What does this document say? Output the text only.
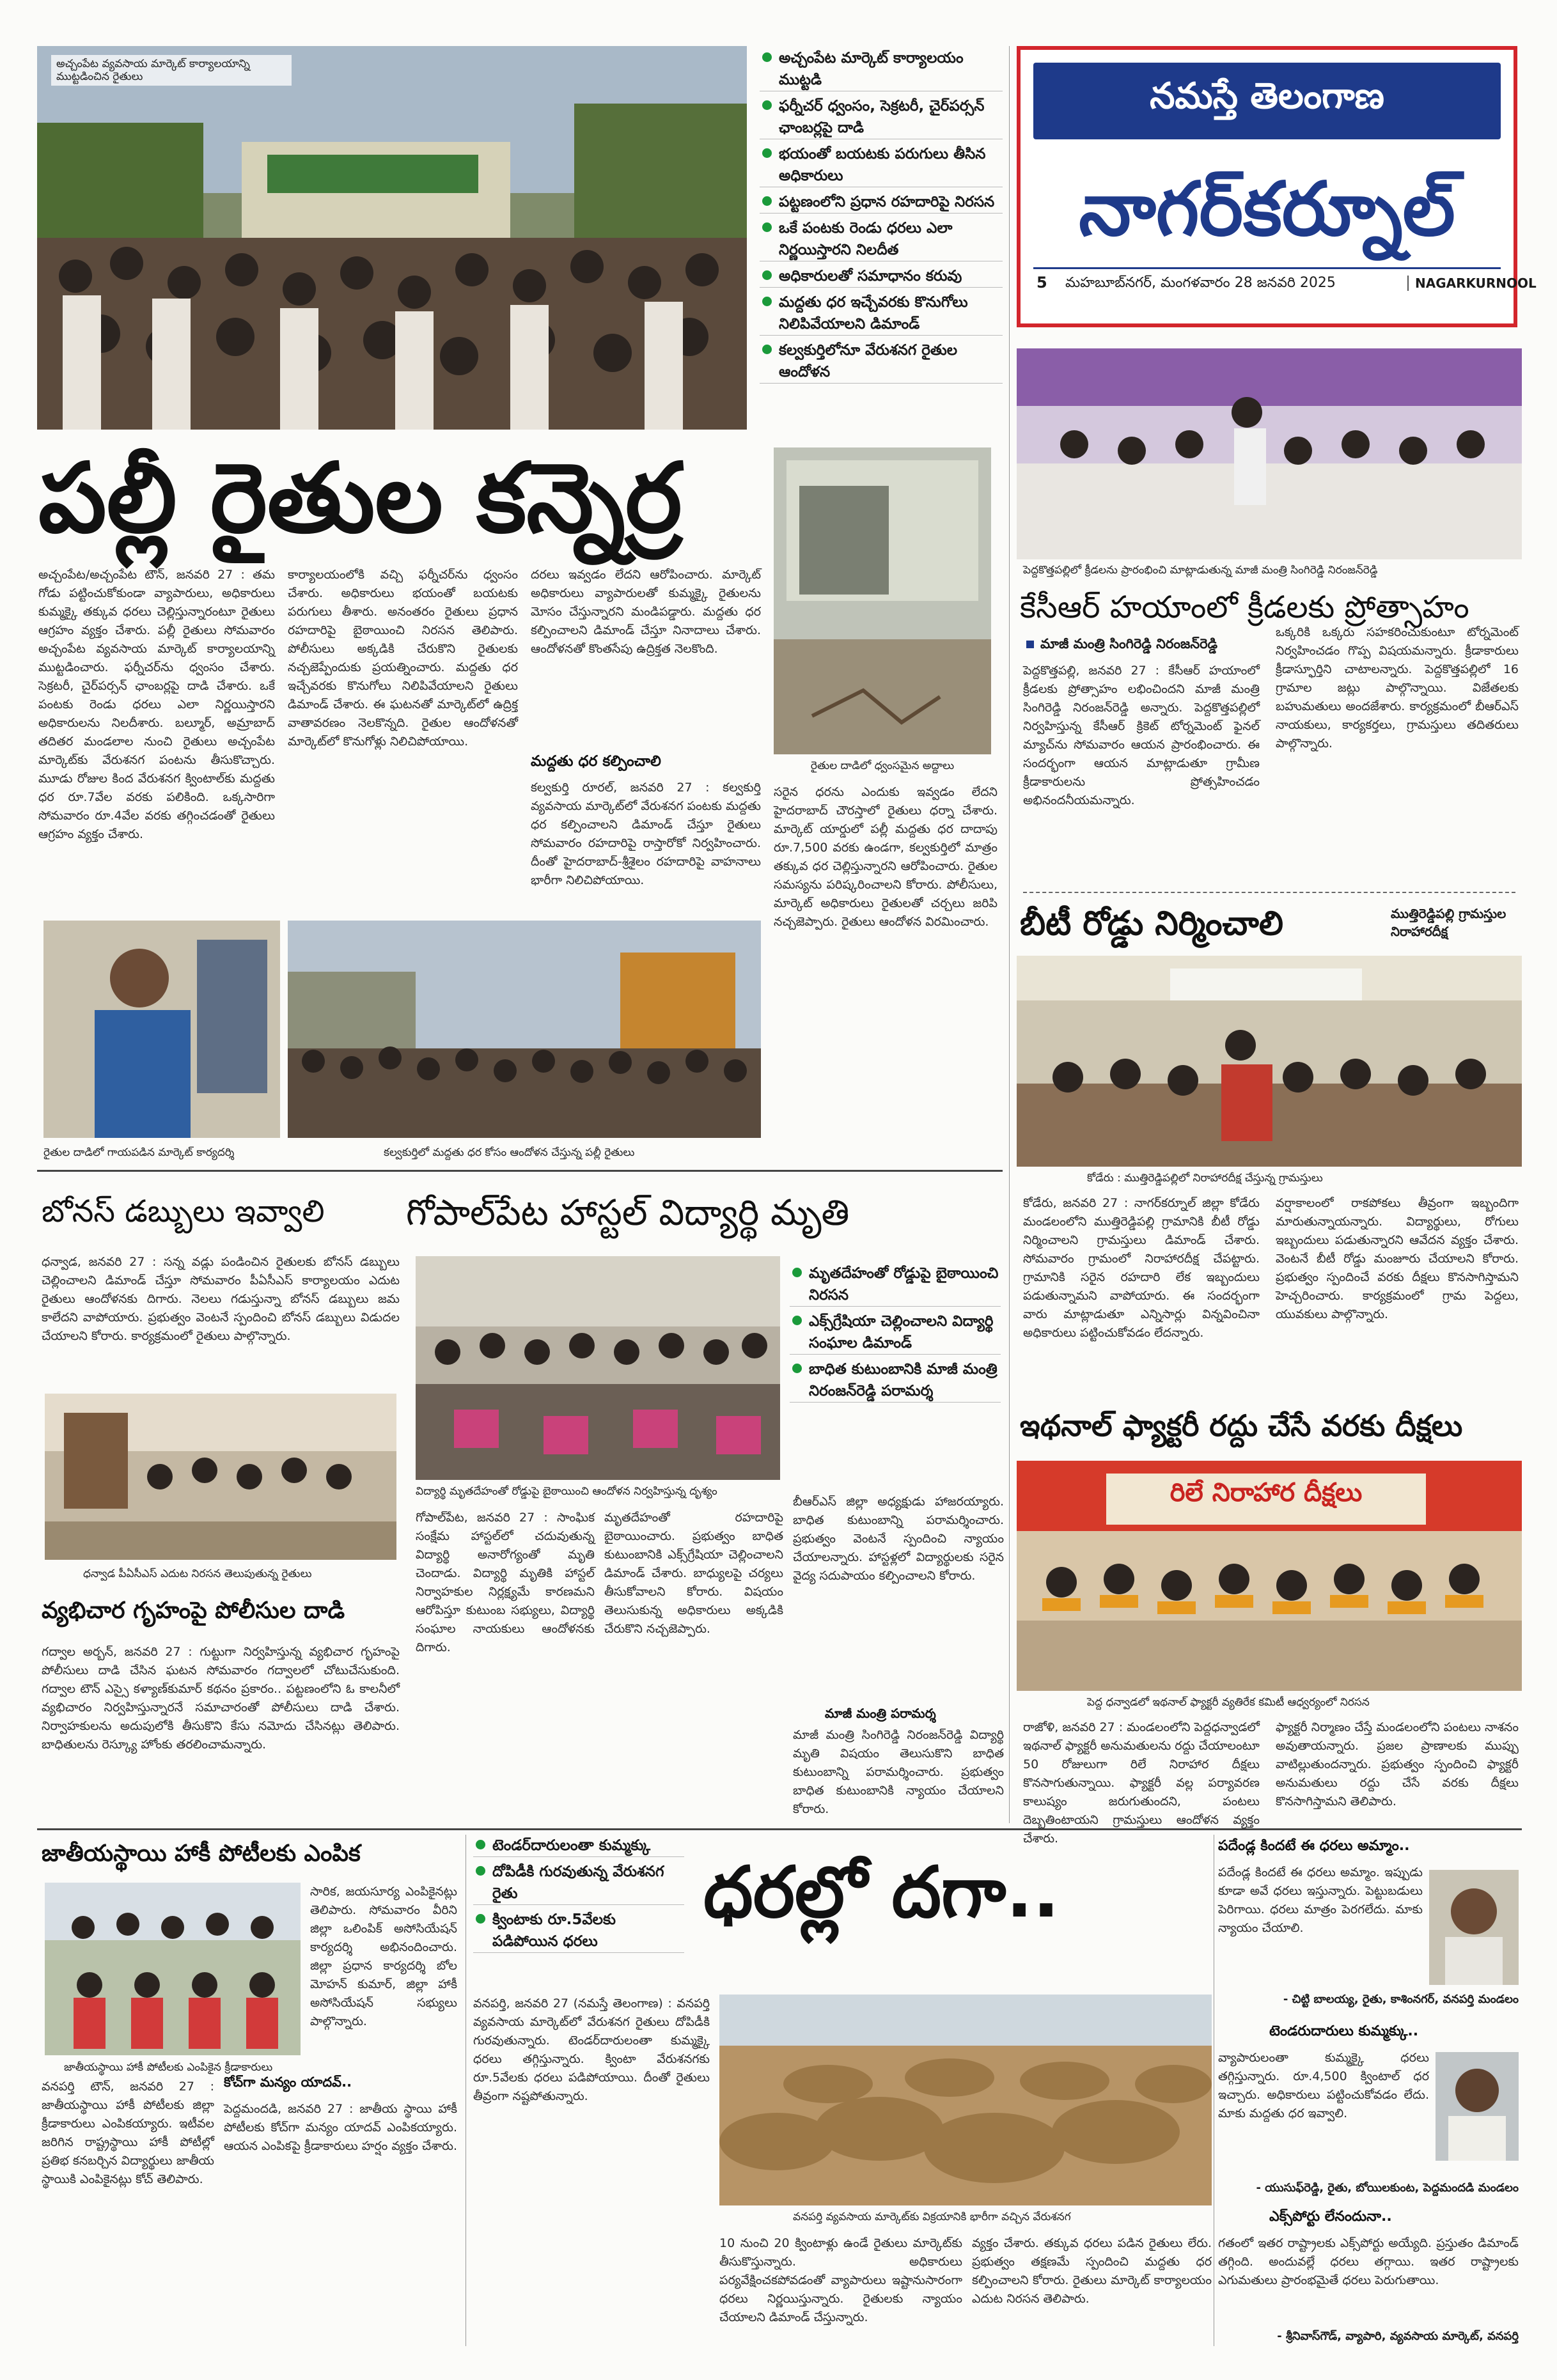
నమస్తే తెలంగాణ
నాగర్‌కర్నూల్
5 మహబూబ్‌నగర్, మంగళవారం 28 జనవరి 2025	NAGARKURNOOL
అచ్చంపేట వ్యవసాయ మార్కెట్ కార్యాలయాన్ని ముట్టడించిన రైతులు
అచ్చంపేట మార్కెట్ కార్యాలయం ముట్టడి
ఫర్నీచర్ ధ్వంసం, సెక్రటరీ, చైర్‌పర్సన్ ఛాంబర్లపై దాడి
భయంతో బయటకు పరుగులు తీసిన అధికారులు
పట్టణంలోని ప్రధాన రహదారిపై నిరసన
ఒకే పంటకు రెండు ధరలు ఎలా నిర్ణయిస్తారని నిలదీత
అధికారులతో సమాధానం కరువు
మద్దతు ధర ఇచ్చేవరకు కొనుగోలు నిలిపివేయాలని డిమాండ్
కల్వకుర్తిలోనూ వేరుశనగ రైతుల ఆందోళన
రైతుల దాడిలో ధ్వంసమైన అద్దాలు
పల్లీ రైతుల కన్నెర్ర
అచ్చంపేట/అచ్చంపేట టౌన్, జనవరి 27 : తమ గోడు పట్టించుకోకుండా వ్యాపారులు, అధికారులు కుమ్మక్కై తక్కువ ధరలు చెల్లిస్తున్నారంటూ రైతులు ఆగ్రహం వ్యక్తం చేశారు. పల్లీ రైతులు సోమవారం అచ్చంపేట వ్యవసాయ మార్కెట్ కార్యాలయాన్ని ముట్టడించారు. ఫర్నీచర్‌ను ధ్వంసం చేశారు. సెక్రటరీ, చైర్‌పర్సన్ ఛాంబర్లపై దాడి చేశారు. ఒకే పంటకు రెండు ధరలు ఎలా నిర్ణయిస్తారని అధికారులను నిలదీశారు. బల్మూర్, అమ్రాబాద్ తదితర మండలాల నుంచి రైతులు అచ్చంపేట మార్కెట్‌కు వేరుశనగ పంటను తీసుకొచ్చారు. మూడు రోజుల కింద వేరుశనగ క్వింటాల్‌కు మద్దతు ధర రూ.7వేల వరకు పలికింది. ఒక్కసారిగా సోమవారం రూ.4వేల వరకు తగ్గించడంతో రైతులు ఆగ్రహం వ్యక్తం చేశారు.
కార్యాలయంలోకి వచ్చి ఫర్నీచర్‌ను ధ్వంసం చేశారు. అధికారులు భయంతో బయటకు పరుగులు తీశారు. అనంతరం రైతులు ప్రధాన రహదారిపై బైఠాయించి నిరసన తెలిపారు. పోలీసులు అక్కడికి చేరుకొని రైతులకు నచ్చజెప్పేందుకు ప్రయత్నించారు. మద్దతు ధర ఇచ్చేవరకు కొనుగోలు నిలిపివేయాలని రైతులు డిమాండ్ చేశారు. ఈ ఘటనతో మార్కెట్‌లో ఉద్రిక్త వాతావరణం నెలకొన్నది. రైతుల ఆందోళనతో మార్కెట్‌లో కొనుగోళ్లు నిలిచిపోయాయి.
దరలు ఇవ్వడం లేదని ఆరోపించారు. మార్కెట్ అధికారులు వ్యాపారులతో కుమ్మక్కై రైతులను మోసం చేస్తున్నారని మండిపడ్డారు. మద్దతు ధర కల్పించాలని డిమాండ్ చేస్తూ నినాదాలు చేశారు. ఆందోళనతో కొంతసేపు ఉద్రిక్తత నెలకొంది.
మద్దతు ధర కల్పించాలి
కల్వకుర్తి రూరల్, జనవరి 27 : కల్వకుర్తి వ్యవసాయ మార్కెట్‌లో వేరుశనగ పంటకు మద్దతు ధర కల్పించాలని డిమాండ్ చేస్తూ రైతులు సోమవారం రహదారిపై రాస్తారోకో నిర్వహించారు. దీంతో హైదరాబాద్-శ్రీశైలం రహదారిపై వాహనాలు భారీగా నిలిచిపోయాయి.
సరైన ధరను ఎందుకు ఇవ్వడం లేదని హైదరాబాద్ చౌరస్తాలో రైతులు ధర్నా చేశారు. మార్కెట్ యార్డులో పల్లీ మద్దతు ధర దాదాపు రూ.7,500 వరకు ఉండగా, కల్వకుర్తిలో మాత్రం తక్కువ ధర చెల్లిస్తున్నారని ఆరోపించారు. రైతుల సమస్యను పరిష్కరించాలని కోరారు. పోలీసులు, మార్కెట్ అధికారులు రైతులతో చర్చలు జరిపి నచ్చజెప్పారు. రైతులు ఆందోళన విరమించారు.
రైతుల దాడిలో గాయపడిన మార్కెట్ కార్యదర్శి	కల్వకుర్తిలో మద్దతు ధర కోసం ఆందోళన చేస్తున్న పల్లీ రైతులు
పెద్దకొత్తపల్లిలో క్రీడలను ప్రారంభించి మాట్లాడుతున్న మాజీ మంత్రి సింగిరెడ్డి నిరంజన్‌రెడ్డి
కేసీఆర్ హయాంలో క్రీడలకు ప్రోత్సాహం
మాజీ మంత్రి సింగిరెడ్డి నిరంజన్‌రెడ్డి
పెద్దకొత్తపల్లి, జనవరి 27 : కేసీఆర్ హయాంలో క్రీడలకు ప్రోత్సాహం లభించిందని మాజీ మంత్రి సింగిరెడ్డి నిరంజన్‌రెడ్డి అన్నారు. పెద్దకొత్తపల్లిలో నిర్వహిస్తున్న కేసీఆర్ క్రికెట్ టోర్నమెంట్ ఫైనల్ మ్యాచ్‌ను సోమవారం ఆయన ప్రారంభించారు. ఈ సందర్భంగా ఆయన మాట్లాడుతూ గ్రామీణ క్రీడాకారులను ప్రోత్సహించడం అభినందనీయమన్నారు.
ఒక్కరికి ఒక్కరు సహకరించుకుంటూ టోర్నమెంట్ నిర్వహించడం గొప్ప విషయమన్నారు. క్రీడాకారులు క్రీడాస్ఫూర్తిని చాటాలన్నారు. పెద్దకొత్తపల్లిలో 16 గ్రామాల జట్లు పాల్గొన్నాయి. విజేతలకు బహుమతులు అందజేశారు. కార్యక్రమంలో బీఆర్‌ఎస్ నాయకులు, కార్యకర్తలు, గ్రామస్తులు తదితరులు పాల్గొన్నారు.
బీటీ రోడ్డు నిర్మించాలి	ముత్తిరెడ్డిపల్లి గ్రామస్తుల నిరాహారదీక్ష
కోడేరు : ముత్తిరెడ్డిపల్లిలో నిరాహారదీక్ష చేస్తున్న గ్రామస్తులు
కోడేరు, జనవరి 27 : నాగర్‌కర్నూల్ జిల్లా కోడేరు మండలంలోని ముత్తిరెడ్డిపల్లి గ్రామానికి బీటీ రోడ్డు నిర్మించాలని గ్రామస్తులు డిమాండ్ చేశారు. సోమవారం గ్రామంలో నిరాహారదీక్ష చేపట్టారు. గ్రామానికి సరైన రహదారి లేక ఇబ్బందులు పడుతున్నామని వాపోయారు. ఈ సందర్భంగా వారు మాట్లాడుతూ ఎన్నిసార్లు విన్నవించినా అధికారులు పట్టించుకోవడం లేదన్నారు.
వర్షాకాలంలో రాకపోకలు తీవ్రంగా ఇబ్బందిగా మారుతున్నాయన్నారు. విద్యార్థులు, రోగులు ఇబ్బందులు పడుతున్నారని ఆవేదన వ్యక్తం చేశారు. వెంటనే బీటీ రోడ్డు మంజూరు చేయాలని కోరారు. ప్రభుత్వం స్పందించే వరకు దీక్షలు కొనసాగిస్తామని హెచ్చరించారు. కార్యక్రమంలో గ్రామ పెద్దలు, యువకులు పాల్గొన్నారు.
ఇథనాల్ ఫ్యాక్టరీ రద్దు చేసే వరకు దీక్షలు
రిలే నిరాహార దీక్షలు
పెద్ద ధన్వాడలో ఇథనాల్ ఫ్యాక్టరీ వ్యతిరేక కమిటీ ఆధ్వర్యంలో నిరసన
రాజోళి, జనవరి 27 : మండలంలోని పెద్దధన్వాడలో ఇథనాల్ ఫ్యాక్టరీ అనుమతులను రద్దు చేయాలంటూ 50 రోజులుగా రిలే నిరాహార దీక్షలు కొనసాగుతున్నాయి. ఫ్యాక్టరీ వల్ల పర్యావరణ కాలుష్యం జరుగుతుందని, పంటలు దెబ్బతింటాయని గ్రామస్తులు ఆందోళన వ్యక్తం చేశారు.
ఫ్యాక్టరీ నిర్మాణం చేస్తే మండలంలోని పంటలు నాశనం అవుతాయన్నారు. ప్రజల ప్రాణాలకు ముప్పు వాటిల్లుతుందన్నారు. ప్రభుత్వం స్పందించి ఫ్యాక్టరీ అనుమతులు రద్దు చేసే వరకు దీక్షలు కొనసాగిస్తామని తెలిపారు.
బోనస్ డబ్బులు ఇవ్వాలి
ధన్వాడ, జనవరి 27 : సన్న వడ్లు పండించిన రైతులకు బోనస్ డబ్బులు చెల్లించాలని డిమాండ్ చేస్తూ సోమవారం పీఏసీఎస్ కార్యాలయం ఎదుట రైతులు ఆందోళనకు దిగారు. నెలలు గడుస్తున్నా బోనస్ డబ్బులు జమ కాలేదని వాపోయారు. ప్రభుత్వం వెంటనే స్పందించి బోనస్ డబ్బులు విడుదల చేయాలని కోరారు. కార్యక్రమంలో రైతులు పాల్గొన్నారు.
ధన్వాడ పీఏసీఎస్ ఎదుట నిరసన తెలుపుతున్న రైతులు
వ్యభిచార గృహంపై పోలీసుల దాడి
గద్వాల అర్బన్, జనవరి 27 : గుట్టుగా నిర్వహిస్తున్న వ్యభిచార గృహంపై పోలీసులు దాడి చేసిన ఘటన సోమవారం గద్వాలలో చోటుచేసుకుంది. గద్వాల టౌన్ ఎస్సై కళ్యాణ్‌కుమార్ కథనం ప్రకారం.. పట్టణంలోని ఓ కాలనీలో వ్యభిచారం నిర్వహిస్తున్నారనే సమాచారంతో పోలీసులు దాడి చేశారు. నిర్వాహకులను అదుపులోకి తీసుకొని కేసు నమోదు చేసినట్లు తెలిపారు. బాధితులను రెస్క్యూ హోంకు తరలించామన్నారు.
గోపాల్‌పేట హాస్టల్ విద్యార్థి మృతి
మృతదేహంతో రోడ్డుపై బైఠాయించి నిరసన
ఎక్స్‌గ్రేషియా చెల్లించాలని విద్యార్థి సంఘాల డిమాండ్
బాధిత కుటుంబానికి మాజీ మంత్రి నిరంజన్‌రెడ్డి పరామర్శ
విద్యార్థి మృతదేహంతో రోడ్డుపై బైఠాయించి ఆందోళన నిర్వహిస్తున్న దృశ్యం
గోపాల్‌పేట, జనవరి 27 : సాంఘిక సంక్షేమ హాస్టల్‌లో చదువుతున్న విద్యార్థి అనారోగ్యంతో మృతి చెందాడు. విద్యార్థి మృతికి హాస్టల్ నిర్వాహకుల నిర్లక్ష్యమే కారణమని ఆరోపిస్తూ కుటుంబ సభ్యులు, విద్యార్థి సంఘాల నాయకులు ఆందోళనకు దిగారు.
మృతదేహంతో రహదారిపై బైఠాయించారు. ప్రభుత్వం బాధిత కుటుంబానికి ఎక్స్‌గ్రేషియా చెల్లించాలని డిమాండ్ చేశారు. బాధ్యులపై చర్యలు తీసుకోవాలని కోరారు. విషయం తెలుసుకున్న అధికారులు అక్కడికి చేరుకొని నచ్చజెప్పారు.
బీఆర్‌ఎస్ జిల్లా అధ్యక్షుడు హాజరయ్యారు. బాధిత కుటుంబాన్ని పరామర్శించారు. ప్రభుత్వం వెంటనే స్పందించి న్యాయం చేయాలన్నారు. హాస్టళ్లలో విద్యార్థులకు సరైన వైద్య సదుపాయం కల్పించాలని కోరారు.
మాజీ మంత్రి పరామర్శ
మాజీ మంత్రి సింగిరెడ్డి నిరంజన్‌రెడ్డి విద్యార్థి మృతి విషయం తెలుసుకొని బాధిత కుటుంబాన్ని పరామర్శించారు. ప్రభుత్వం బాధిత కుటుంబానికి న్యాయం చేయాలని కోరారు.
జాతీయస్థాయి హాకీ పోటీలకు ఎంపిక
జాతీయస్థాయి హాకీ పోటీలకు ఎంపికైన క్రీడాకారులు
సారిక, జయసూర్య ఎంపికైనట్లు తెలిపారు. సోమవారం వీరిని జిల్లా ఒలింపిక్ అసోసియేషన్ కార్యదర్శి అభినందించారు. జిల్లా ప్రధాన కార్యదర్శి బోల మోహన్ కుమార్, జిల్లా హాకీ అసోసియేషన్ సభ్యులు పాల్గొన్నారు.
వనపర్తి టౌన్, జనవరి 27 : జాతీయస్థాయి హాకీ పోటీలకు జిల్లా క్రీడాకారులు ఎంపికయ్యారు. ఇటీవల జరిగిన రాష్ట్రస్థాయి హాకీ పోటీల్లో ప్రతిభ కనబర్చిన విద్యార్థులు జాతీయ స్థాయికి ఎంపికైనట్లు కోచ్ తెలిపారు.
కోచ్‌గా మన్యం యాదవ్‌..
పెద్దమందడి, జనవరి 27 : జాతీయ స్థాయి హాకీ పోటీలకు కోచ్‌గా మన్యం యాదవ్ ఎంపికయ్యారు. ఆయన ఎంపికపై క్రీడాకారులు హర్షం వ్యక్తం చేశారు.
టెండర్‌దారులంతా కుమ్మక్కు
దోపిడీకి గురవుతున్న వేరుశనగ రైతు
క్వింటాకు రూ.5వేలకు పడిపోయిన ధరలు
ధరల్లో దగా..
వనపర్తి, జనవరి 27 (నమస్తే తెలంగాణ) : వనపర్తి వ్యవసాయ మార్కెట్‌లో వేరుశనగ రైతులు దోపిడీకి గురవుతున్నారు. టెండర్‌దారులంతా కుమ్మక్కై ధరలు తగ్గిస్తున్నారు. క్వింటా వేరుశనగకు రూ.5వేలకు ధరలు పడిపోయాయి. దీంతో రైతులు తీవ్రంగా నష్టపోతున్నారు.
వనపర్తి వ్యవసాయ మార్కెట్‌కు విక్రయానికి భారీగా వచ్చిన వేరుశనగ
10 నుంచి 20 క్వింటాళ్లు ఉండే రైతులు మార్కెట్‌కు తీసుకొస్తున్నారు. అధికారులు పర్యవేక్షించకపోవడంతో వ్యాపారులు ఇష్టానుసారంగా ధరలు నిర్ణయిస్తున్నారు. రైతులకు న్యాయం చేయాలని డిమాండ్ చేస్తున్నారు.
వ్యక్తం చేశారు. తక్కువ ధరలు పడిన రైతులు లేరు. ప్రభుత్వం తక్షణమే స్పందించి మద్దతు ధర కల్పించాలని కోరారు. రైతులు మార్కెట్ కార్యాలయం ఎదుట నిరసన తెలిపారు.
పదేండ్ల కిందటే ఈ ధరలు అమ్మాం..
పదేండ్ల కిందటే ఈ ధరలు అమ్మాం. ఇప్పుడు కూడా అవే ధరలు ఇస్తున్నారు. పెట్టుబడులు పెరిగాయి. ధరలు మాత్రం పెరగలేదు. మాకు న్యాయం చేయాలి.
- చిట్టి బాలయ్య, రైతు, కాశింనగర్, వనపర్తి మండలం
టెండరుదారులు కుమ్మక్కు..
వ్యాపారులంతా కుమ్మక్కై ధరలు తగ్గిస్తున్నారు. రూ.4,500 క్వింటాల్ ధర ఇచ్చారు. అధికారులు పట్టించుకోవడం లేదు. మాకు మద్దతు ధర ఇవ్వాలి.
- యుసుఫ్‌రెడ్డి, రైతు, బోయిలకుంట, పెద్దమందడి మండలం
ఎక్స్‌పోర్టు లేనందునా..
గతంలో ఇతర రాష్ట్రాలకు ఎక్స్‌పోర్టు అయ్యేది. ప్రస్తుతం డిమాండ్ తగ్గింది. అందువల్లే ధరలు తగ్గాయి. ఇతర రాష్ట్రాలకు ఎగుమతులు ప్రారంభమైతే ధరలు పెరుగుతాయి.
- శ్రీనివాస్‌గౌడ్, వ్యాపారి, వ్యవసాయ మార్కెట్, వనపర్తి
